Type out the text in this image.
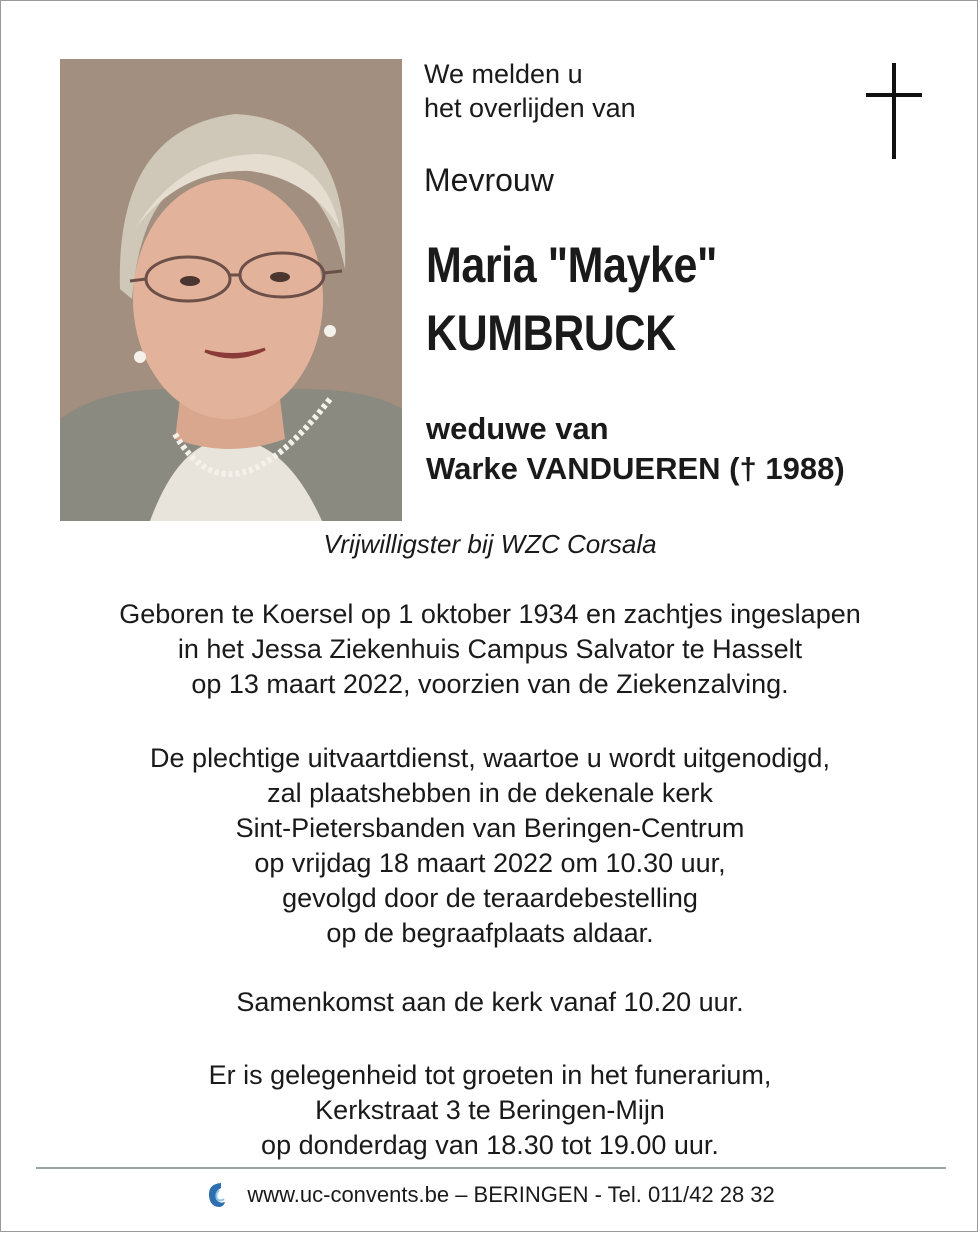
We melden u
het overlijden van
Mevrouw
Maria "Mayke"
KUMBRUCK
weduwe van
Warke VANDUEREN († 1988)
Vrijwilligster bij WZC Corsala
Geboren te Koersel op 1 oktober 1934 en zachtjes ingeslapen
in het Jessa Ziekenhuis Campus Salvator te Hasselt
op 13 maart 2022, voorzien van de Ziekenzalving.
De plechtige uitvaartdienst, waartoe u wordt uitgenodigd,
zal plaatshebben in de dekenale kerk
Sint-Pietersbanden van Beringen-Centrum
op vrijdag 18 maart 2022 om 10.30 uur,
gevolgd door de teraardebestelling
op de begraafplaats aldaar.
Samenkomst aan de kerk vanaf 10.20 uur.
Er is gelegenheid tot groeten in het funerarium,
Kerkstraat 3 te Beringen-Mijn
op donderdag van 18.30 tot 19.00 uur.
www.uc-convents.be – BERINGEN - Tel. 011/42 28 32
